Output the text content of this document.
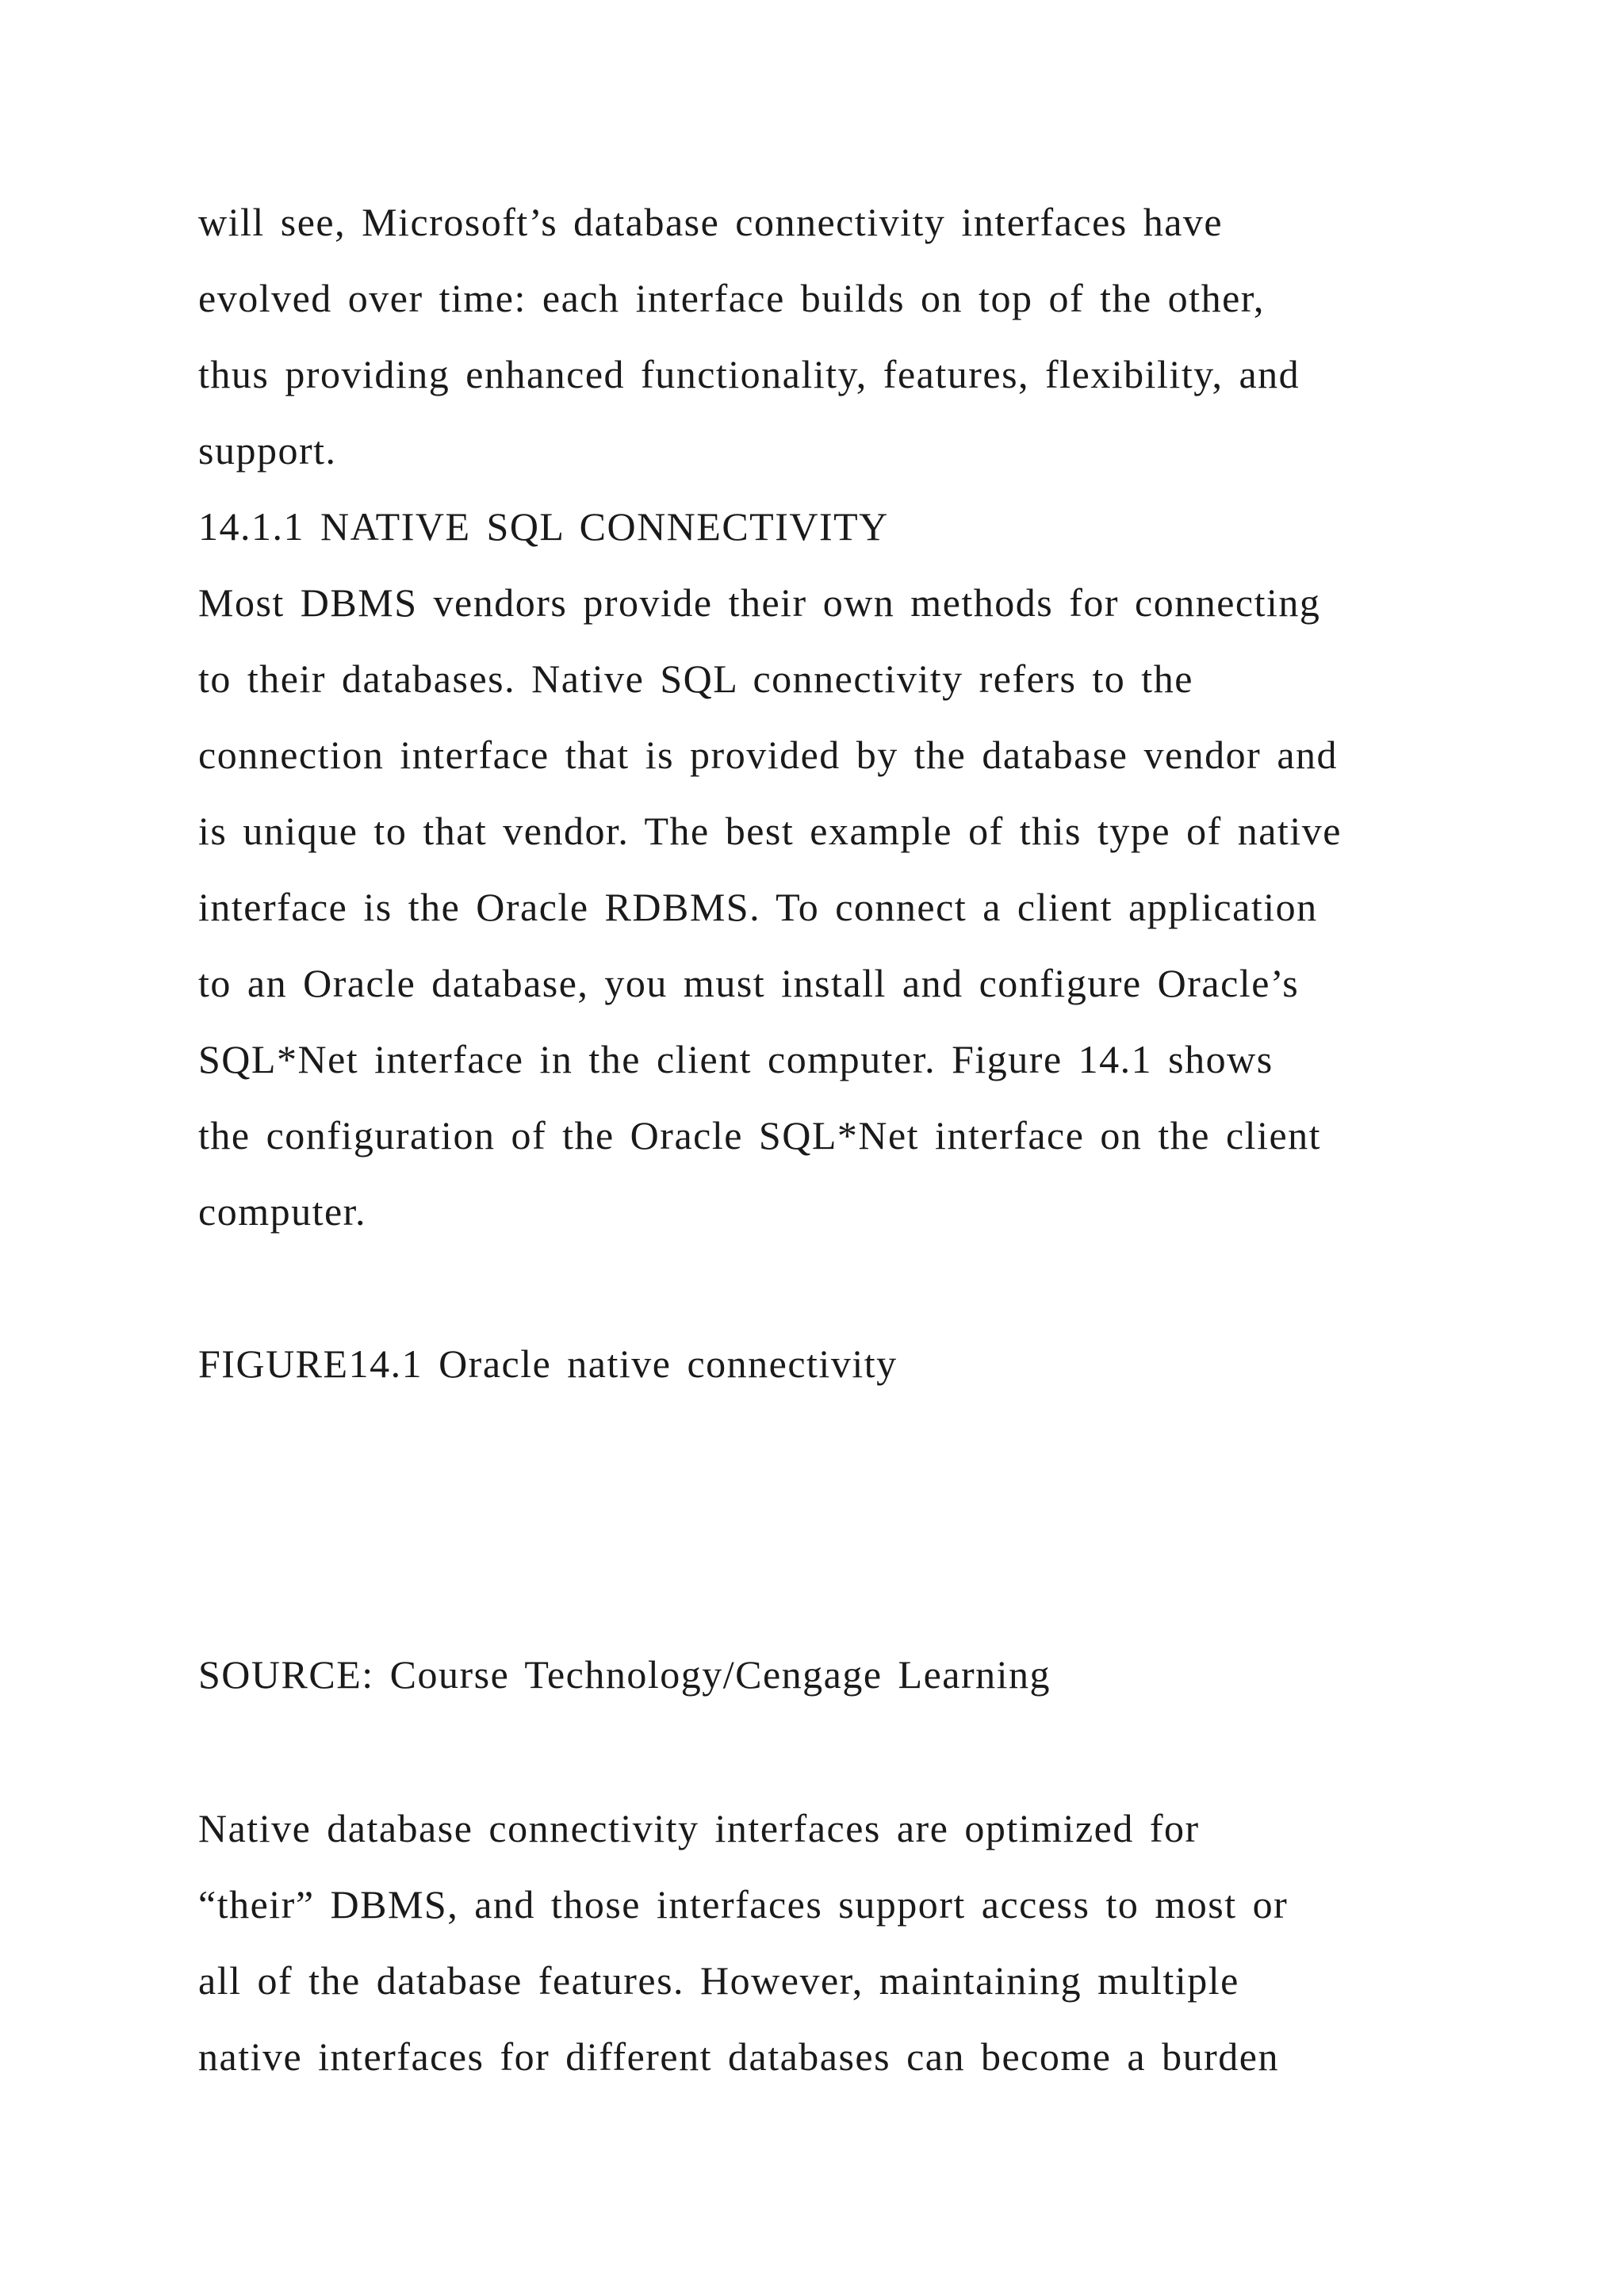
will see, Microsoft’s database connectivity interfaces have
evolved over time: each interface builds on top of the other,
thus providing enhanced functionality, features, flexibility, and
support.
14.1.1 NATIVE SQL CONNECTIVITY
Most DBMS vendors provide their own methods for connecting
to their databases. Native SQL connectivity refers to the
connection interface that is provided by the database vendor and
is unique to that vendor. The best example of this type of native
interface is the Oracle RDBMS. To connect a client application
to an Oracle database, you must install and configure Oracle’s
SQL*Net interface in the client computer. Figure 14.1 shows
the configuration of the Oracle SQL*Net interface on the client
computer.
FIGURE14.1 Oracle native connectivity
SOURCE: Course Technology/Cengage Learning
Native database connectivity interfaces are optimized for
“their” DBMS, and those interfaces support access to most or
all of the database features. However, maintaining multiple
native interfaces for different databases can become a burden
